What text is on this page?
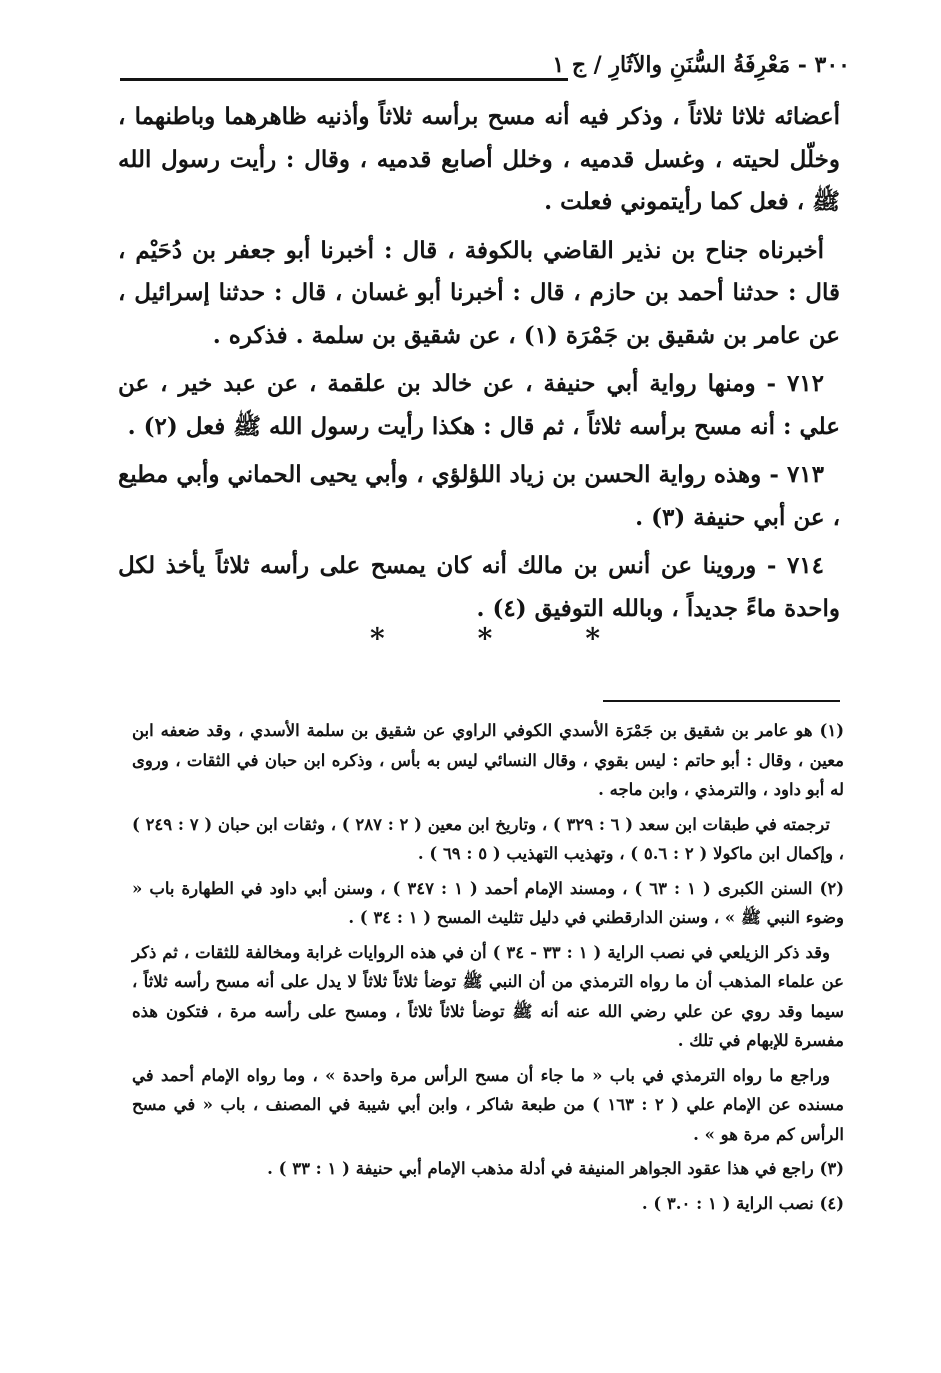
٣٠٠ - مَعْرِفَةُ السُّنَنِ والآثَارِ / ج ١

أعضائه ثلاثا ثلاثاً ، وذكر فيه أنه مسح برأسه ثلاثاً وأذنيه ظاهرهما وباطنهما ، وخلّل لحيته ، وغسل قدميه ، وخلل أصابع قدميه ، وقال : رأيت رسول الله ﷺ ، فعل كما رأيتموني فعلت .

أخبرناه جناح بن نذير القاضي بالكوفة ، قال : أخبرنا أبو جعفر بن دُحَيْم ، قال : حدثنا أحمد بن حازم ، قال : أخبرنا أبو غسان ، قال : حدثنا إسرائيل ، عن عامر بن شقيق بن جَمْرَة (١) ، عن شقيق بن سلمة . فذكره .

٧١٢ - ومنها رواية أبي حنيفة ، عن خالد بن علقمة ، عن عبد خير ، عن علي : أنه مسح برأسه ثلاثاً ، ثم قال : هكذا رأيت رسول الله ﷺ فعل (٢) .

٧١٣ - وهذه رواية الحسن بن زياد اللؤلؤي ، وأبي يحيى الحماني وأبي مطيع ، عن أبي حنيفة (٣) .

٧١٤ - وروينا عن أنس بن مالك أنه كان يمسح على رأسه ثلاثاً يأخذ لكل واحدة ماءً جديداً ، وبالله التوفيق (٤) .

*	*	*

(١) هو عامر بن شقيق بن جَمْرَة الأسدي الكوفي الراوي عن شقيق بن سلمة الأسدي ، وقد ضعفه ابن معين ، وقال : أبو حاتم : ليس بقوي ، وقال النسائي ليس به بأس ، وذكره ابن حبان في الثقات ، وروى له أبو داود ، والترمذي ، وابن ماجه .

ترجمته في طبقات ابن سعد ( ٦ : ٣٢٩ ) ، وتاريخ ابن معين ( ٢ : ٢٨٧ ) ، وثقات ابن حبان ( ٧ : ٢٤٩ ) ، وإكمال ابن ماكولا ( ٢ : ٥.٦ ) ، وتهذيب التهذيب ( ٥ : ٦٩ ) .

(٢) السنن الكبرى ( ١ : ٦٣ ) ، ومسند الإمام أحمد ( ١ : ٣٤٧ ) ، وسنن أبي داود في الطهارة باب « وضوء النبي ﷺ » ، وسنن الدارقطني في دليل تثليث المسح ( ١ : ٣٤ ) .

وقد ذكر الزيلعي في نصب الراية ( ١ : ٣٣ - ٣٤ ) أن في هذه الروايات غرابة ومخالفة للثقات ، ثم ذكر عن علماء المذهب أن ما رواه الترمذي من أن النبي ﷺ توضأ ثلاثاً ثلاثاً لا يدل على أنه مسح رأسه ثلاثاً ، سيما وقد روي عن علي رضي الله عنه أنه ﷺ توضأ ثلاثاً ثلاثاً ، ومسح على رأسه مرة ، فتكون هذه مفسرة للإبهام في تلك .

وراجع ما رواه الترمذي في باب « ما جاء أن مسح الرأس مرة واحدة » ، وما رواه الإمام أحمد في مسنده عن الإمام علي ( ٢ : ١٦٣ ) من طبعة شاكر ، وابن أبي شيبة في المصنف ، باب « في مسح الرأس كم مرة هو » .

(٣) راجع في هذا عقود الجواهر المنيفة في أدلة مذهب الإمام أبي حنيفة ( ١ : ٣٣ ) .

(٤) نصب الراية ( ١ : ٣.٠ ) .
